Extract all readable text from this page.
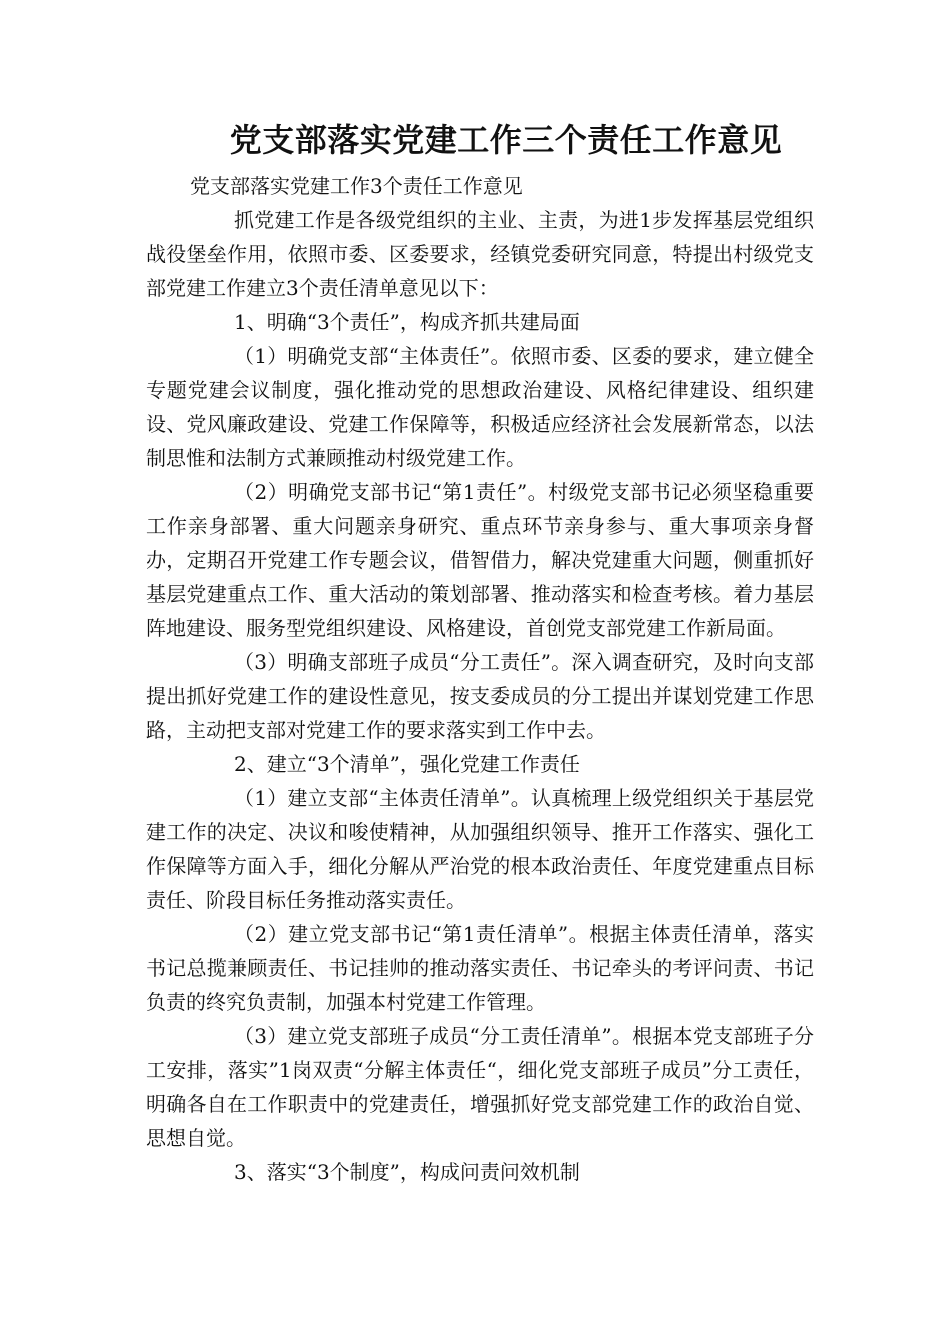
党支部落实党建工作三个责任工作意见

党支部落实党建工作3个责任工作意见

抓党建工作是各级党组织的主业、主责，为进1步发挥基层党组织战役堡垒作用，依照市委、区委要求，经镇党委研究同意，特提出村级党支部党建工作建立3个责任清单意见以下：

1、明确“3个责任”，构成齐抓共建局面

（1）明确党支部“主体责任”。依照市委、区委的要求，建立健全专题党建会议制度，强化推动党的思想政治建设、风格纪律建设、组织建设、党风廉政建设、党建工作保障等，积极适应经济社会发展新常态，以法制思惟和法制方式兼顾推动村级党建工作。

（2）明确党支部书记“第1责任”。村级党支部书记必须坚稳重要工作亲身部署、重大问题亲身研究、重点环节亲身参与、重大事项亲身督办，定期召开党建工作专题会议，借智借力，解决党建重大问题，侧重抓好基层党建重点工作、重大活动的策划部署、推动落实和检查考核。着力基层阵地建设、服务型党组织建设、风格建设，首创党支部党建工作新局面。

（3）明确支部班子成员“分工责任”。深入调查研究，及时向支部提出抓好党建工作的建设性意见，按支委成员的分工提出并谋划党建工作思路，主动把支部对党建工作的要求落实到工作中去。

2、建立“3个清单”，强化党建工作责任

（1）建立支部“主体责任清单”。认真梳理上级党组织关于基层党建工作的决定、决议和唆使精神，从加强组织领导、推开工作落实、强化工作保障等方面入手，细化分解从严治党的根本政治责任、年度党建重点目标责任、阶段目标任务推动落实责任。

（2）建立党支部书记“第1责任清单”。根据主体责任清单，落实书记总揽兼顾责任、书记挂帅的推动落实责任、书记牵头的考评问责、书记负责的终究负责制，加强本村党建工作管理。

（3）建立党支部班子成员“分工责任清单”。根据本党支部班子分工安排，落实”1岗双责“分解主体责任“，细化党支部班子成员”分工责任，明确各自在工作职责中的党建责任，增强抓好党支部党建工作的政治自觉、思想自觉。

3、落实“3个制度”，构成问责问效机制
